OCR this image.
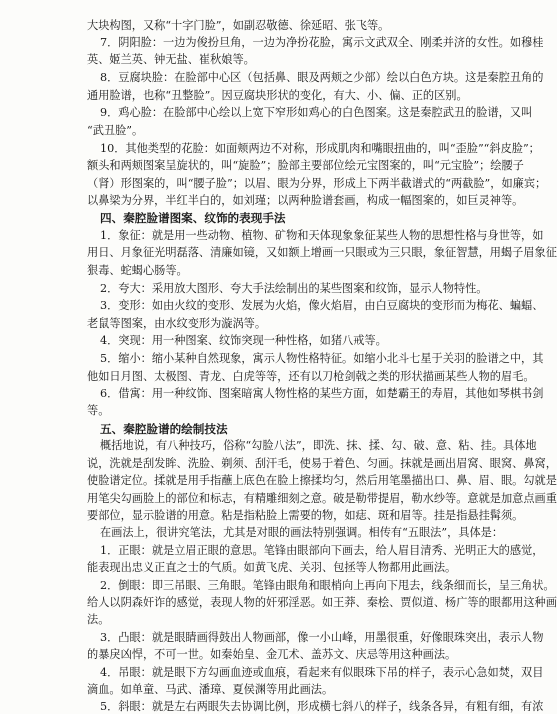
大块构图，又称“十字门脸”，如副忍敬德、徐延昭、张飞等。
7．阴阳脸：一边为俊扮旦角，一边为净扮花脸，寓示文武双全、刚柔并济的女性。如穆桂
英、姬兰英、钟无盐、崔秋娘等。
8．豆腐块脸：在脸部中心区（包括鼻、眼及两颊之少部）绘以白色方块。这是秦腔丑角的
通用脸谱，也称“丑整脸”。因豆腐块形状的变化，有大、小、偏、正的区别。
9．鸡心脸：在脸部中心绘以上宽下窄形如鸡心的白色图案。这是秦腔武丑的脸谱，又叫
“武丑脸”。
10．其他类型的花脸：如面颊两边不对称，形成肌肉和嘴眼扭曲的，叫“歪脸”“斜皮脸”；
额头和两颊图案呈旋状的，叫“旋脸”；脸部主要部位绘元宝图案的，叫“元宝脸”；绘腰子
（肾）形图案的，叫“腰子脸”；以眉、眼为分界，形成上下两半截谱式的“两截脸”，如廉宾；
以鼻梁为分界，半红半白的，如刘瑾；以两种脸谱套画，构成一幅图案的，如巨灵神等。
四、秦腔脸谱图案、纹饰的表现手法
1．象征：就是用一些动物、植物、矿物和天体现象象征某些人物的思想性格与身世等，如
用日、月象征光明磊落、清廉如镜，又如额上增画一只眼或为三只眼，象征智慧，用蝎子眉象征
狠毒、蛇蝎心肠等。
2．夸大：采用放大图形、夸大手法绘制出的某些图案和纹饰，显示人物特性。
3．变形：如由火纹的变形、发展为火焰，像火焰眉，由白豆腐块的变形而为梅花、蝙蝠、
老鼠等图案，由水纹变形为漩涡等。
4．突现：用一种图案、纹饰突现一种性格，如猪八戒等。
5．缩小：缩小某种自然现象，寓示人物性格特征。如缩小北斗七星于关羽的脸谱之中，其
他如日月图、太极图、青龙、白虎等等，还有以刀枪剑戟之类的形状描画某些人物的眉毛。
6．借寓：用一种纹饰、图案暗寓人物性格的某些方面，如楚霸王的寿眉，其他如琴棋书剑
等。
五、秦腔脸谱的绘制技法
概括地说，有八种技巧，俗称“勾脸八法”，即洗、抹、揉、勾、破、意、粘、挂。具体地
说，洗就是刮发眸、洗脸、剃须、刮汗毛，使易于着色、匀画。抹就是画出眉窝、眼窝、鼻窝，
使脸谱定位。揉就是用手指蘸上底色在脸上擦揉均匀，然后用笔墨描出口、鼻、眉、眼。勾就是
用笔尖勾画脸上的部位和标志，有精雕细刻之意。破是勒带提眉，勒水纱等。意就是加意点画重
要部位，显示脸谱的用意。粘是指粘脸上需要的物，如痣、斑和眉等。挂是指悬挂髯须。
在画法上，很讲究笔法，尤其是对眼的画法特别强调。相传有“五眼法”，具体是：
1．正眼：就是立眉正眼的意思。笔锋由眼部向下画去，给人眉目清秀、光明正大的感觉，
能表现出忠义正直之士的气质。如黄飞虎、关羽、包拯等人物都用此画法。
2．倒眼：即三吊眼、三角眼。笔锋由眼角和眼梢向上再向下甩去，线条细而长，呈三角状。
给人以阴森奸诈的感觉，表现人物的奸邪淫恶。如王莽、秦桧、贾似道、杨广等的眼都用这种画
法。
3．凸眼：就是眼睛画得鼓出人物画部，像一小山峰，用墨很重，好像眼珠突出，表示人物
的暴戾凶悍，不可一世。如秦始皇、金兀术、盖苏文、庆忌等用这种画法。
4．吊眼：就是眼下方勾画血迹或血痕，看起来有似眼珠下吊的样子，表示心急如焚，双目
滴血。如单童、马武、潘璋、夏侯渊等用此画法。
5．斜眼：就是左右两眼失去协调比例，形成横七斜八的样子，线条各异，有粗有细，有浓
